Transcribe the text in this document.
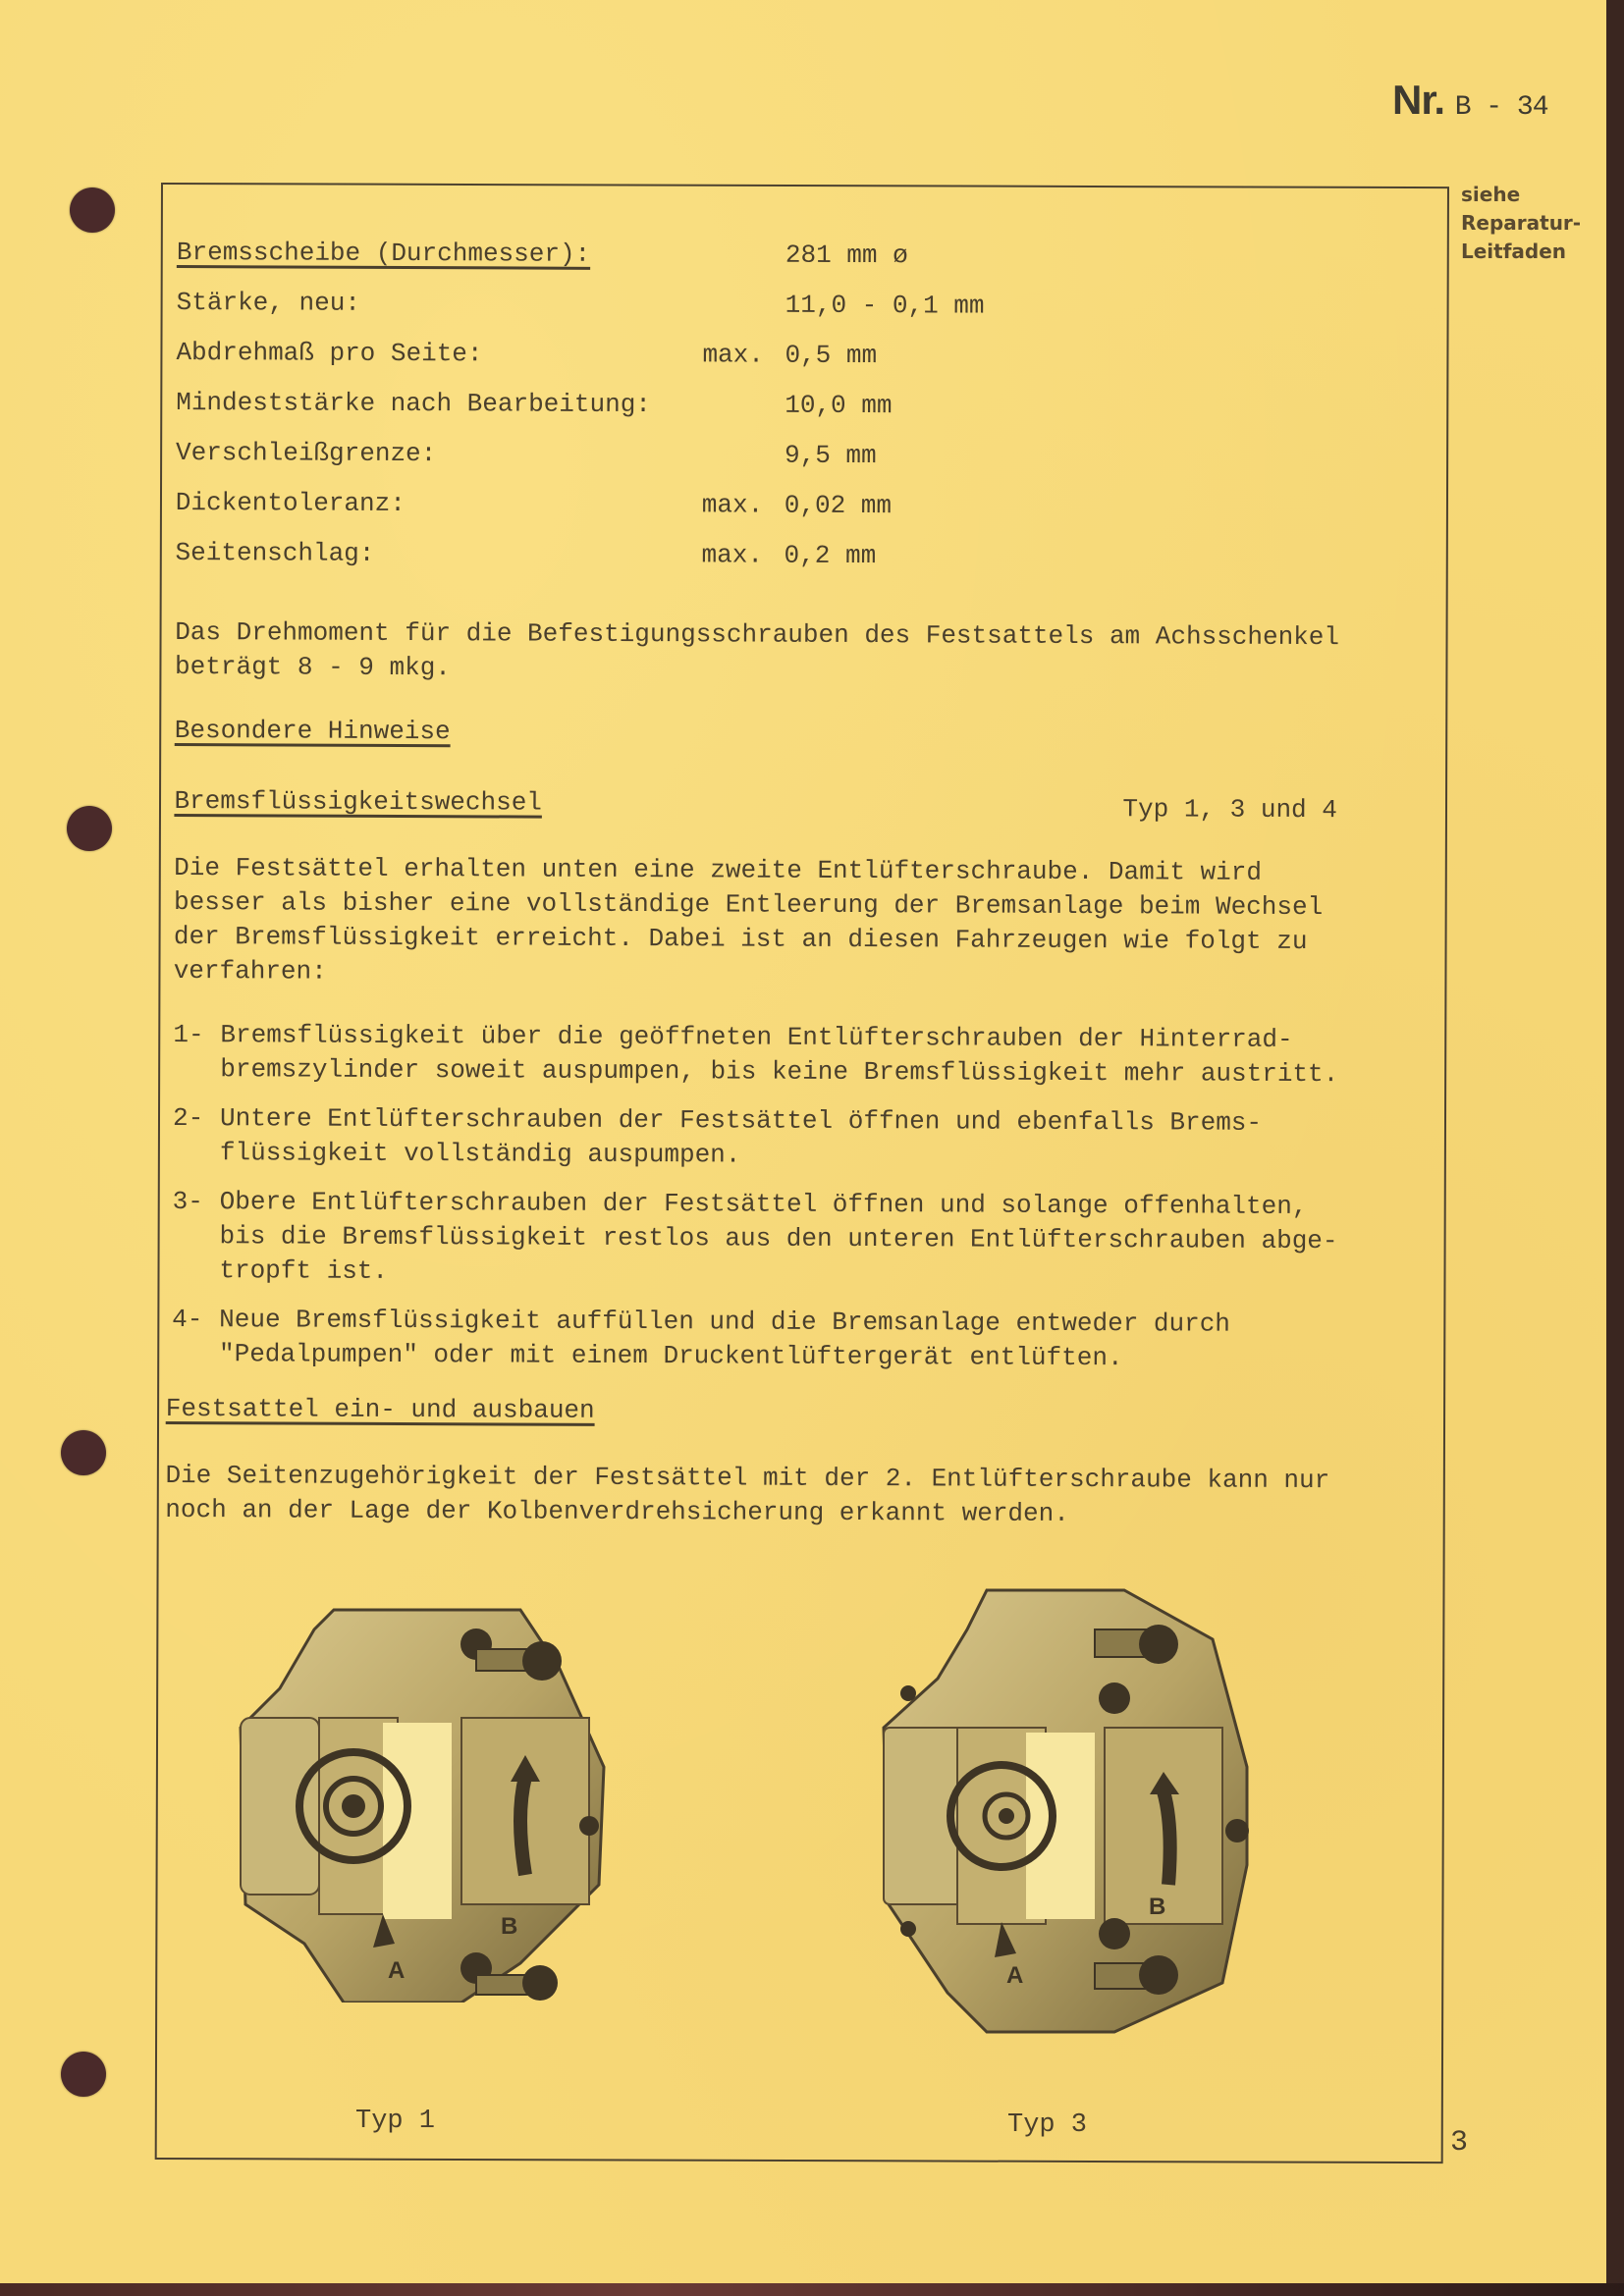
Nr. B - 34
siehe
Reparatur-
Leitfaden
Bremsscheibe (Durchmesser):	281 mm ø
Stärke, neu:	11,0 - 0,1 mm
Abdrehmaß pro Seite:	max. 0,5 mm
Mindeststärke nach Bearbeitung:	10,0 mm
Verschleißgrenze:	9,5 mm
Dickentoleranz:	max. 0,02 mm
Seitenschlag:	max. 0,2 mm
Das Drehmoment für die Befestigungsschrauben des Festsattels am Achsschenkel
beträgt 8 - 9 mkg.
Besondere Hinweise
Bremsflüssigkeitswechsel	Typ 1, 3 und 4
Die Festsättel erhalten unten eine zweite Entlüfterschraube. Damit wird
besser als bisher eine vollständige Entleerung der Bremsanlage beim Wechsel
der Bremsflüssigkeit erreicht. Dabei ist an diesen Fahrzeugen wie folgt zu
verfahren:
1- Bremsflüssigkeit über die geöffneten Entlüfterschrauben der Hinterrad-
bremszylinder soweit auspumpen, bis keine Bremsflüssigkeit mehr austritt.
2- Untere Entlüfterschrauben der Festsättel öffnen und ebenfalls Brems-
flüssigkeit vollständig auspumpen.
3- Obere Entlüfterschrauben der Festsättel öffnen und solange offenhalten,
bis die Bremsflüssigkeit restlos aus den unteren Entlüfterschrauben abge-
tropft ist.
4- Neue Bremsflüssigkeit auffüllen und die Bremsanlage entweder durch
"Pedalpumpen" oder mit einem Druckentlüftergerät entlüften.
Festsattel ein- und ausbauen
Die Seitenzugehörigkeit der Festsättel mit der 2. Entlüfterschraube kann nur
noch an der Lage der Kolbenverdrehsicherung erkannt werden.
B
A
Typ 1
B
A
Typ 3
3
